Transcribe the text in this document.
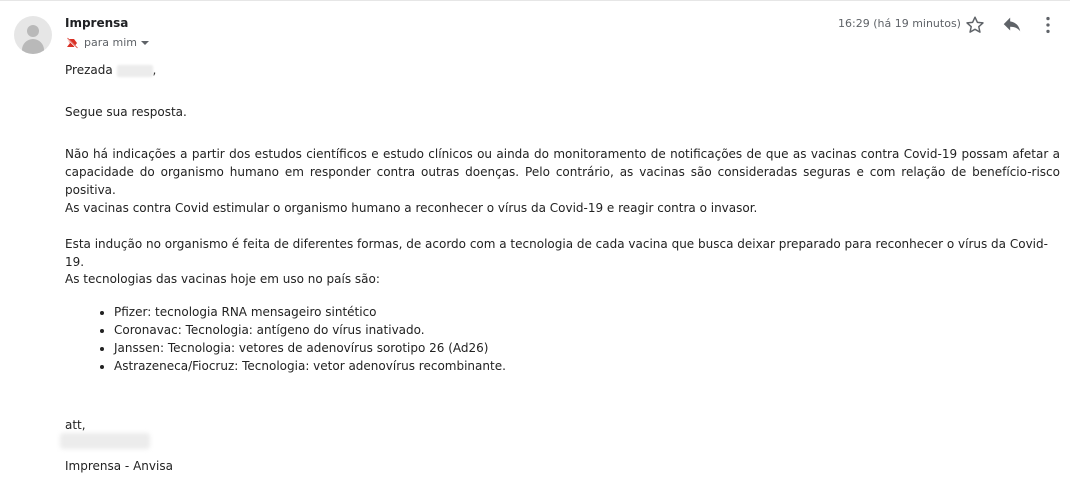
Imprensa
para mim
16:29 (há 19 minutos)
Prezada	,
Segue sua resposta.
Não há indicações a partir dos estudos científicos e estudo clínicos ou ainda do monitoramento de notificações de que as vacinas contra Covid-19 possam afetar a capacidade do organismo humano em responder contra outras doenças. Pelo contrário, as vacinas são consideradas seguras e com relação de benefício-risco positiva.
As vacinas contra Covid estimular o organismo humano a reconhecer o vírus da Covid-19 e reagir contra o invasor.
Esta indução no organismo é feita de diferentes formas, de acordo com a tecnologia de cada vacina que busca deixar preparado para reconhecer o vírus da Covid-19.
As tecnologias das vacinas hoje em uso no país são:
• Pfizer: tecnologia RNA mensageiro sintético
• Coronavac: Tecnologia: antígeno do vírus inativado.
• Janssen: Tecnologia: vetores de adenovírus sorotipo 26 (Ad26)
• Astrazeneca/Fiocruz: Tecnologia: vetor adenovírus recombinante.
att,
Imprensa - Anvisa
